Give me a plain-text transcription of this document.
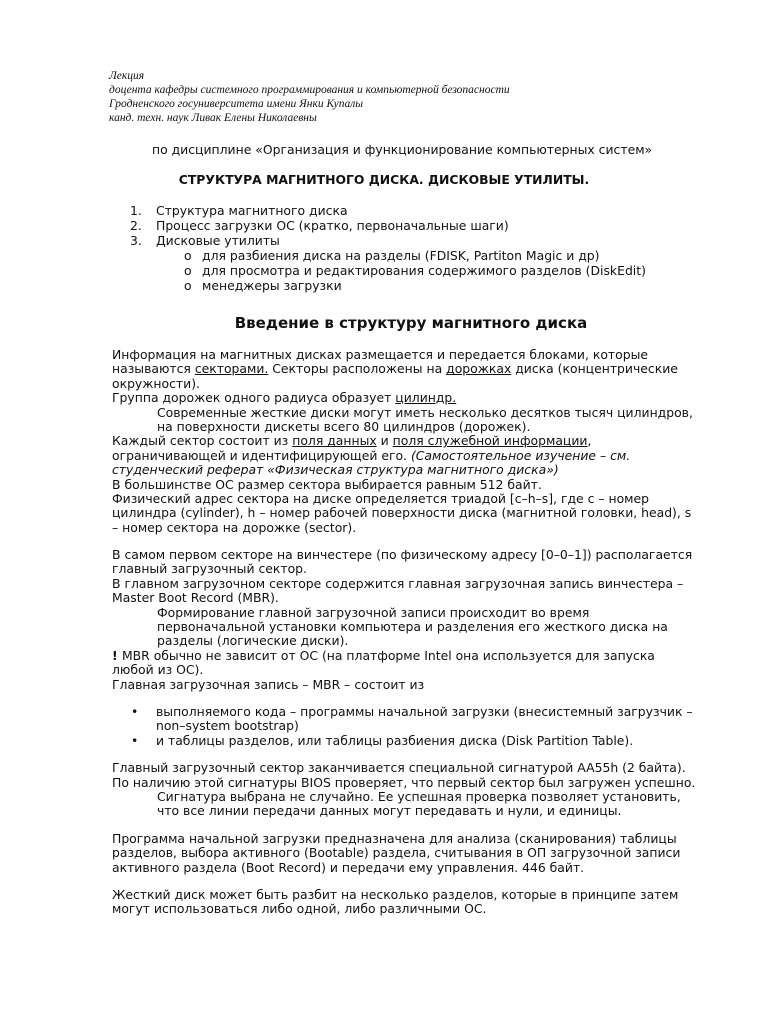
Лекция
доцента кафедры системного программирования и компьютерной безопасности
Гродненского госуниверситета имени Янки Купалы
канд. техн. наук Ливак Елены Николаевны
по дисциплине «Организация и функционирование компьютерных систем»
СТРУКТУРА МАГНИТНОГО ДИСКА. ДИСКОВЫЕ УТИЛИТЫ.
1.	Структура магнитного диска
2.	Процесс загрузки ОС (кратко, первоначальные шаги)
3.	Дисковые утилиты
o для разбиения диска на разделы (FDISK, Partiton Magic и др)
o для просмотра и редактирования содержимого разделов (DiskEdit)
o менеджеры загрузки
Введение в структуру магнитного диска
Информация на магнитных дисках размещается и передается блоками, которые
называются секторами. Секторы расположены на дорожках диска (концентрические
окружности).
Группа дорожек одного радиуса образует цилиндр.
Современные жесткие диски могут иметь несколько десятков тысяч цилиндров,
на поверхности дискеты всего 80 цилиндров (дорожек).
Каждый сектор состоит из поля данных и поля служебной информации,
ограничивающей и идентифицирующей его. (Самостоятельное изучение – см.
студенческий реферат «Физическая структура магнитного диска»)
В большинстве ОС размер сектора выбирается равным 512 байт.
Физический адрес сектора на диске определяется триадой [c–h–s], где c – номер
цилиндра (cylinder), h – номер рабочей поверхности диска (магнитной головки, head), s
– номер сектора на дорожке (sector).
В самом первом секторе на винчестере (по физическому адресу [0–0–1]) располагается
главный загрузочный сектор.
В главном загрузочном секторе содержится главная загрузочная запись винчестера –
Master Boot Record (MBR).
Формирование главной загрузочной записи происходит во время
первоначальной установки компьютера и разделения его жесткого диска на
разделы (логические диски).
! MBR обычно не зависит от ОС (на платформе Intel она используется для запуска
любой из ОС).
Главная загрузочная запись – MBR – состоит из
• выполняемого кода – программы начальной загрузки (внесистемный загрузчик –
non–system bootstrap)
• и таблицы разделов, или таблицы разбиения диска (Disk Partition Table).
Главный загрузочный сектор заканчивается специальной сигнатурой AA55h (2 байта).
По наличию этой сигнатуры BIOS проверяет, что первый сектор был загружен успешно.
Сигнатура выбрана не случайно. Ее успешная проверка позволяет установить,
что все линии передачи данных могут передавать и нули, и единицы.
Программа начальной загрузки предназначена для анализа (сканирования) таблицы
разделов, выбора активного (Bootable) раздела, считывания в ОП загрузочной записи
активного раздела (Boot Record) и передачи ему управления. 446 байт.
Жесткий диск может быть разбит на несколько разделов, которые в принципе затем
могут использоваться либо одной, либо различными ОС.
